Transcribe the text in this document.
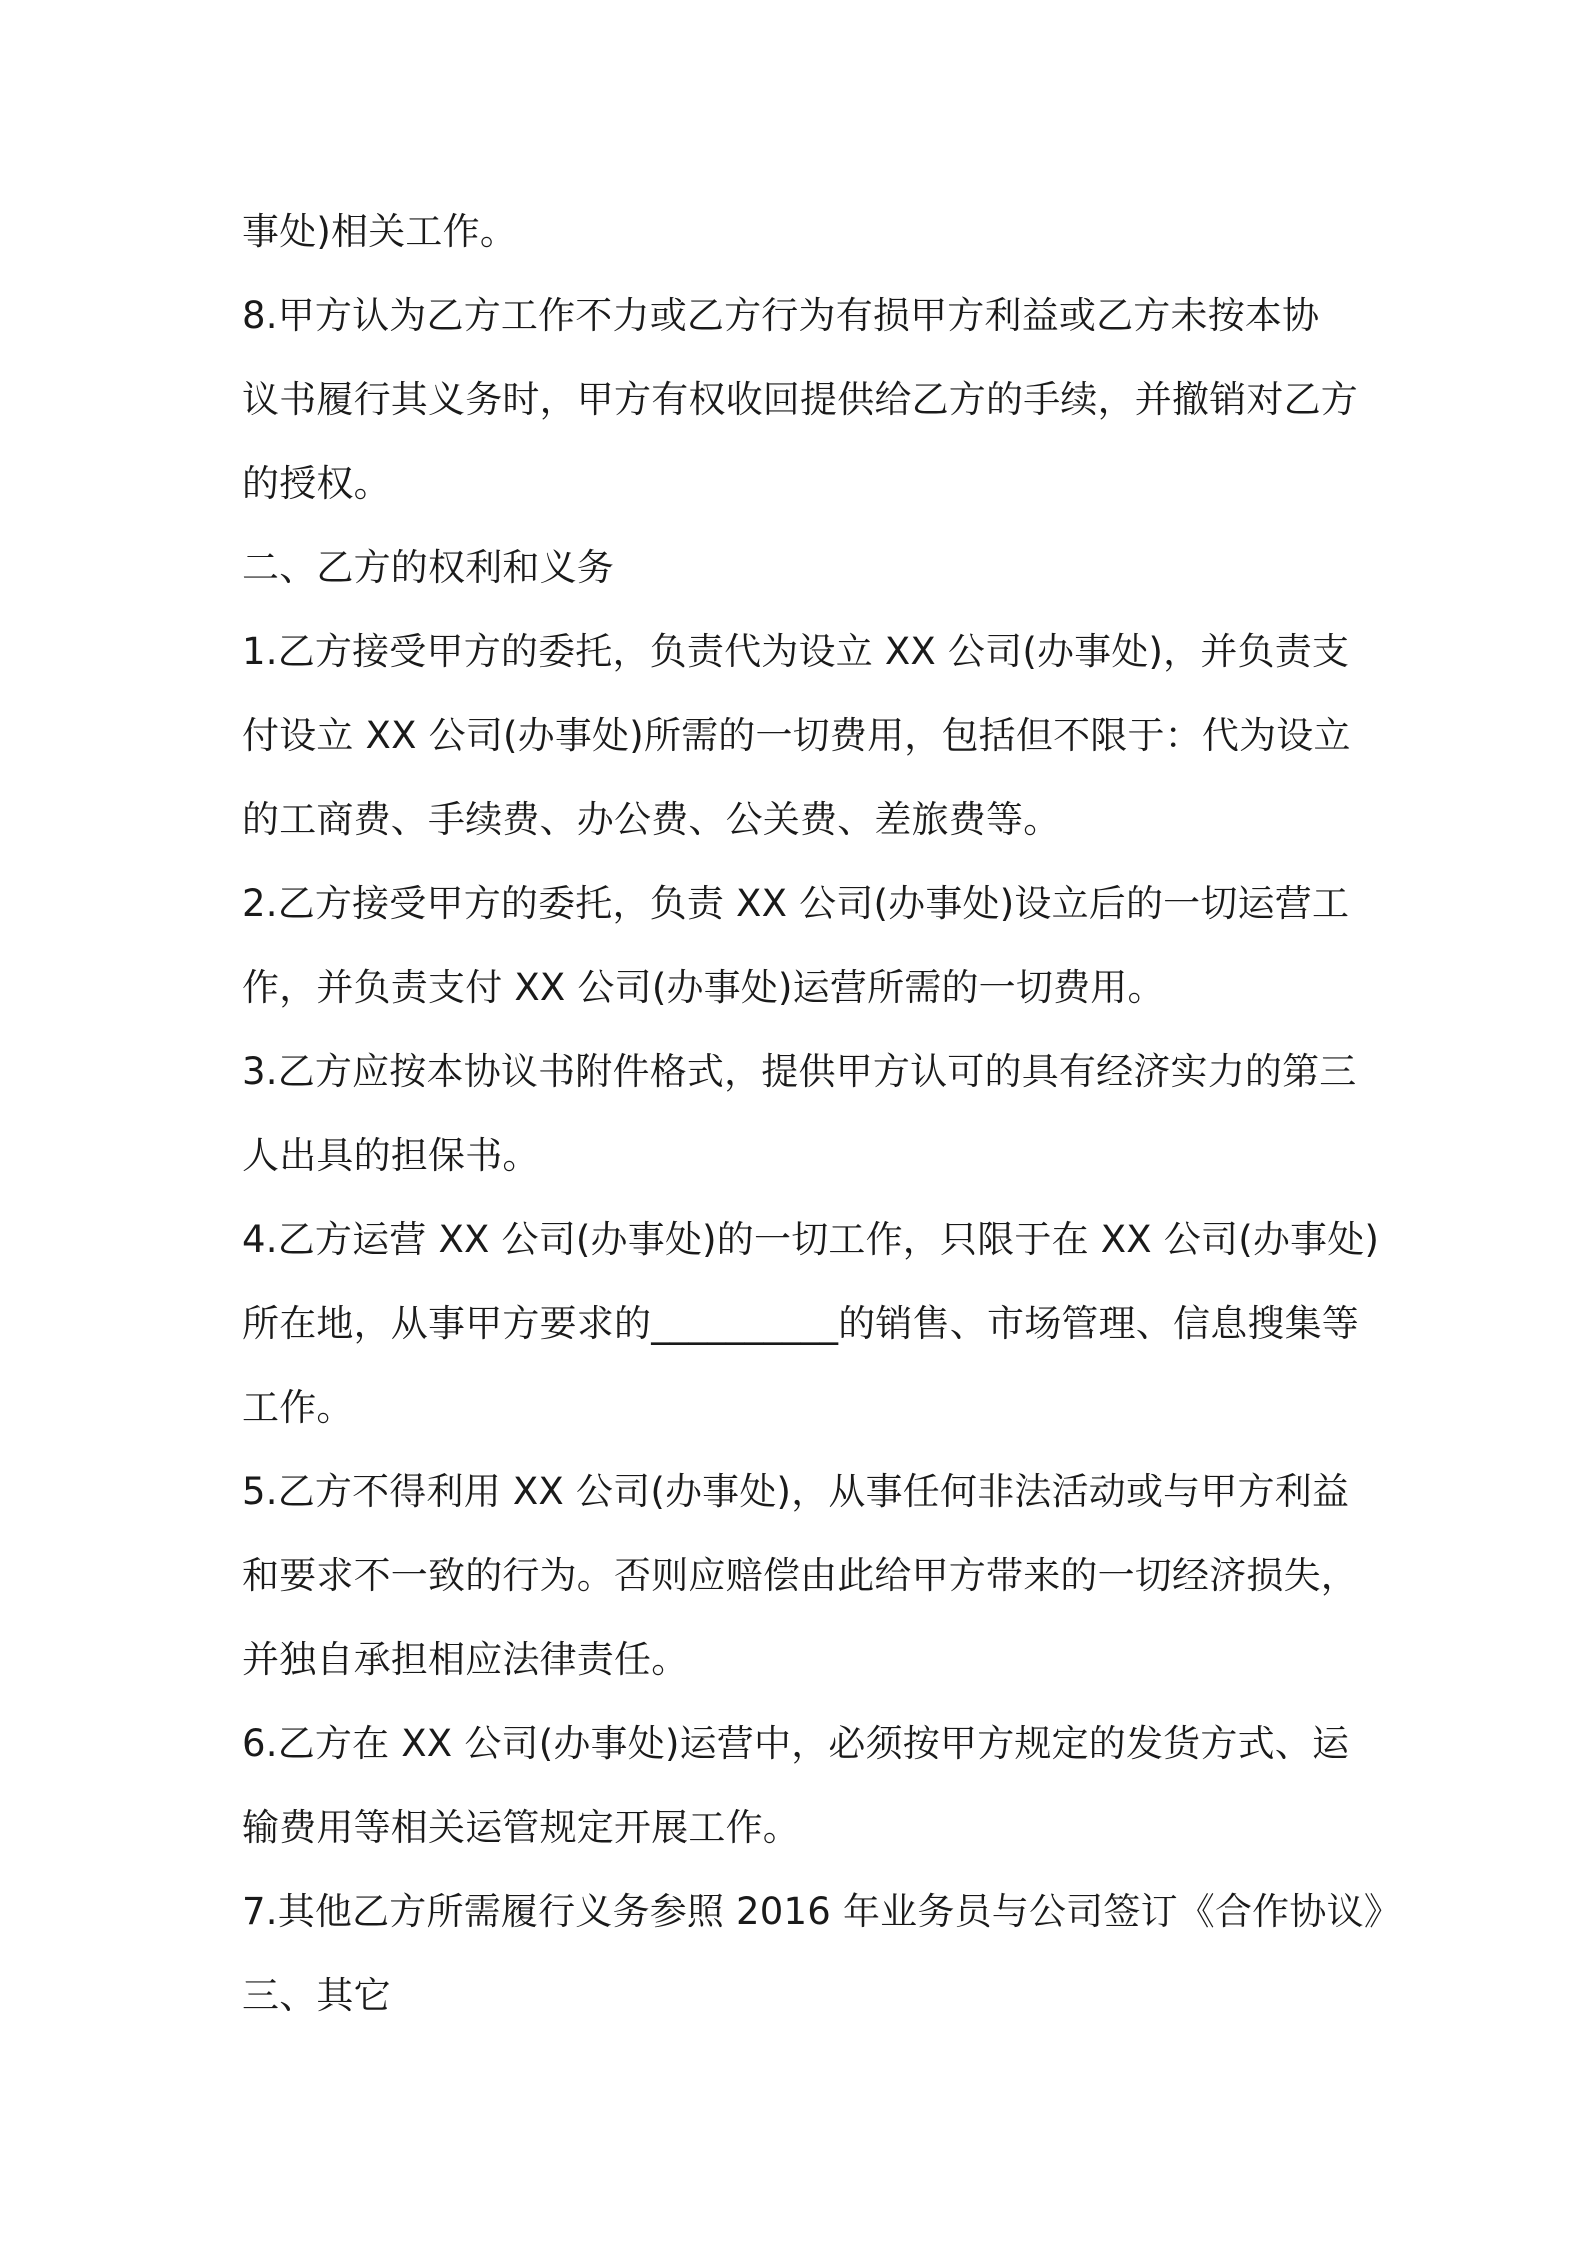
事处)相关工作。
8.甲方认为乙方工作不力或乙方行为有损甲方利益或乙方未按本协
议书履行其义务时，甲方有权收回提供给乙方的手续，并撤销对乙方
的授权。
二、乙方的权利和义务
1.乙方接受甲方的委托，负责代为设立 XX 公司(办事处)，并负责支
付设立 XX 公司(办事处)所需的一切费用，包括但不限于：代为设立
的工商费、手续费、办公费、公关费、差旅费等。
2.乙方接受甲方的委托，负责 XX 公司(办事处)设立后的一切运营工
作，并负责支付 XX 公司(办事处)运营所需的一切费用。
3.乙方应按本协议书附件格式，提供甲方认可的具有经济实力的第三
人出具的担保书。
4.乙方运营 XX 公司(办事处)的一切工作，只限于在 XX 公司(办事处)
所在地，从事甲方要求的__________的销售、市场管理、信息搜集等
工作。
5.乙方不得利用 XX 公司(办事处)，从事任何非法活动或与甲方利益
和要求不一致的行为。否则应赔偿由此给甲方带来的一切经济损失，
并独自承担相应法律责任。
6.乙方在 XX 公司(办事处)运营中，必须按甲方规定的发货方式、运
输费用等相关运管规定开展工作。
7.其他乙方所需履行义务参照 2016 年业务员与公司签订《合作协议》
三、其它
